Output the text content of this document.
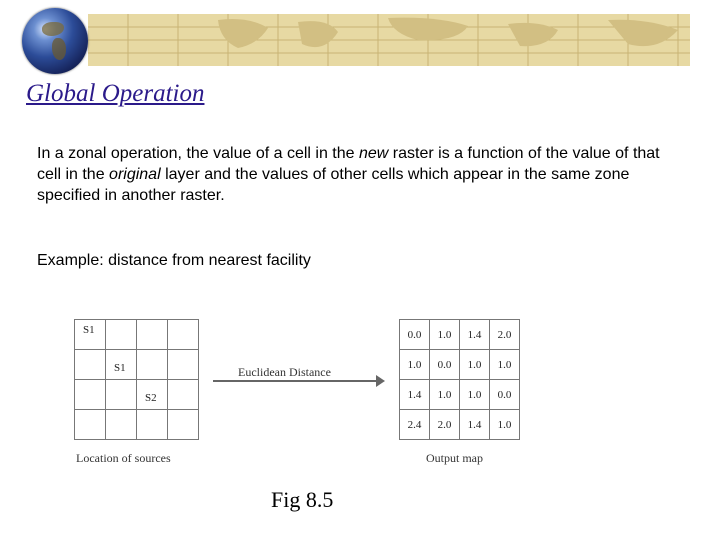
Global Operation
In a zonal operation, the value of a cell in the new raster is a function of the value of that cell in the original layer and the values of other cells which appear in the same zone specified in another raster.
Example: distance from nearest facility
S1			

	S1		

		S2	

Location of sources
Euclidean Distance
0.0	1.0	1.4	2.0
1.0	0.0	1.0	1.0
1.4	1.0	1.0	0.0
2.4	2.0	1.4	1.0
Output map
Fig 8.5
